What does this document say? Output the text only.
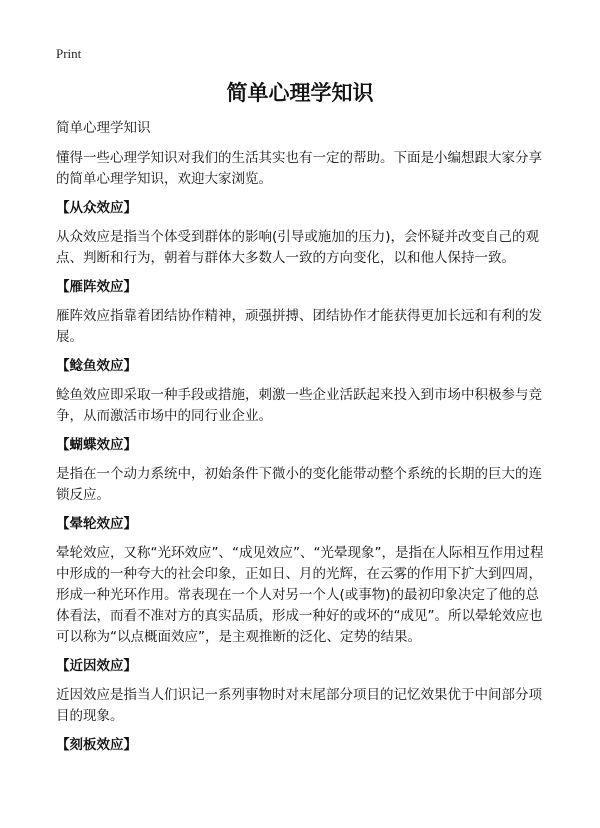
Print
简单心理学知识

简单心理学知识

懂得一些心理学知识对我们的生活其实也有一定的帮助。下面是小编想跟大家分享的简单心理学知识，欢迎大家浏览。

【从众效应】

从众效应是指当个体受到群体的影响(引导或施加的压力)，会怀疑并改变自己的观点、判断和行为，朝着与群体大多数人一致的方向变化，以和他人保持一致。

【雁阵效应】

雁阵效应指靠着团结协作精神，顽强拼搏、团结协作才能获得更加长远和有利的发展。

【鲶鱼效应】

鲶鱼效应即采取一种手段或措施，刺激一些企业活跃起来投入到市场中积极参与竞争，从而激活市场中的同行业企业。

【蝴蝶效应】

是指在一个动力系统中，初始条件下微小的变化能带动整个系统的长期的巨大的连锁反应。

【晕轮效应】

晕轮效应，又称“光环效应”、“成见效应”、“光晕现象”，是指在人际相互作用过程中形成的一种夸大的社会印象，正如日、月的光辉，在云雾的作用下扩大到四周，形成一种光环作用。常表现在一个人对另一个人(或事物)的最初印象决定了他的总体看法，而看不准对方的真实品质，形成一种好的或坏的“成见”。所以晕轮效应也可以称为“以点概面效应”，是主观推断的泛化、定势的结果。

【近因效应】

近因效应是指当人们识记一系列事物时对末尾部分项目的记忆效果优于中间部分项目的现象。

【刻板效应】
